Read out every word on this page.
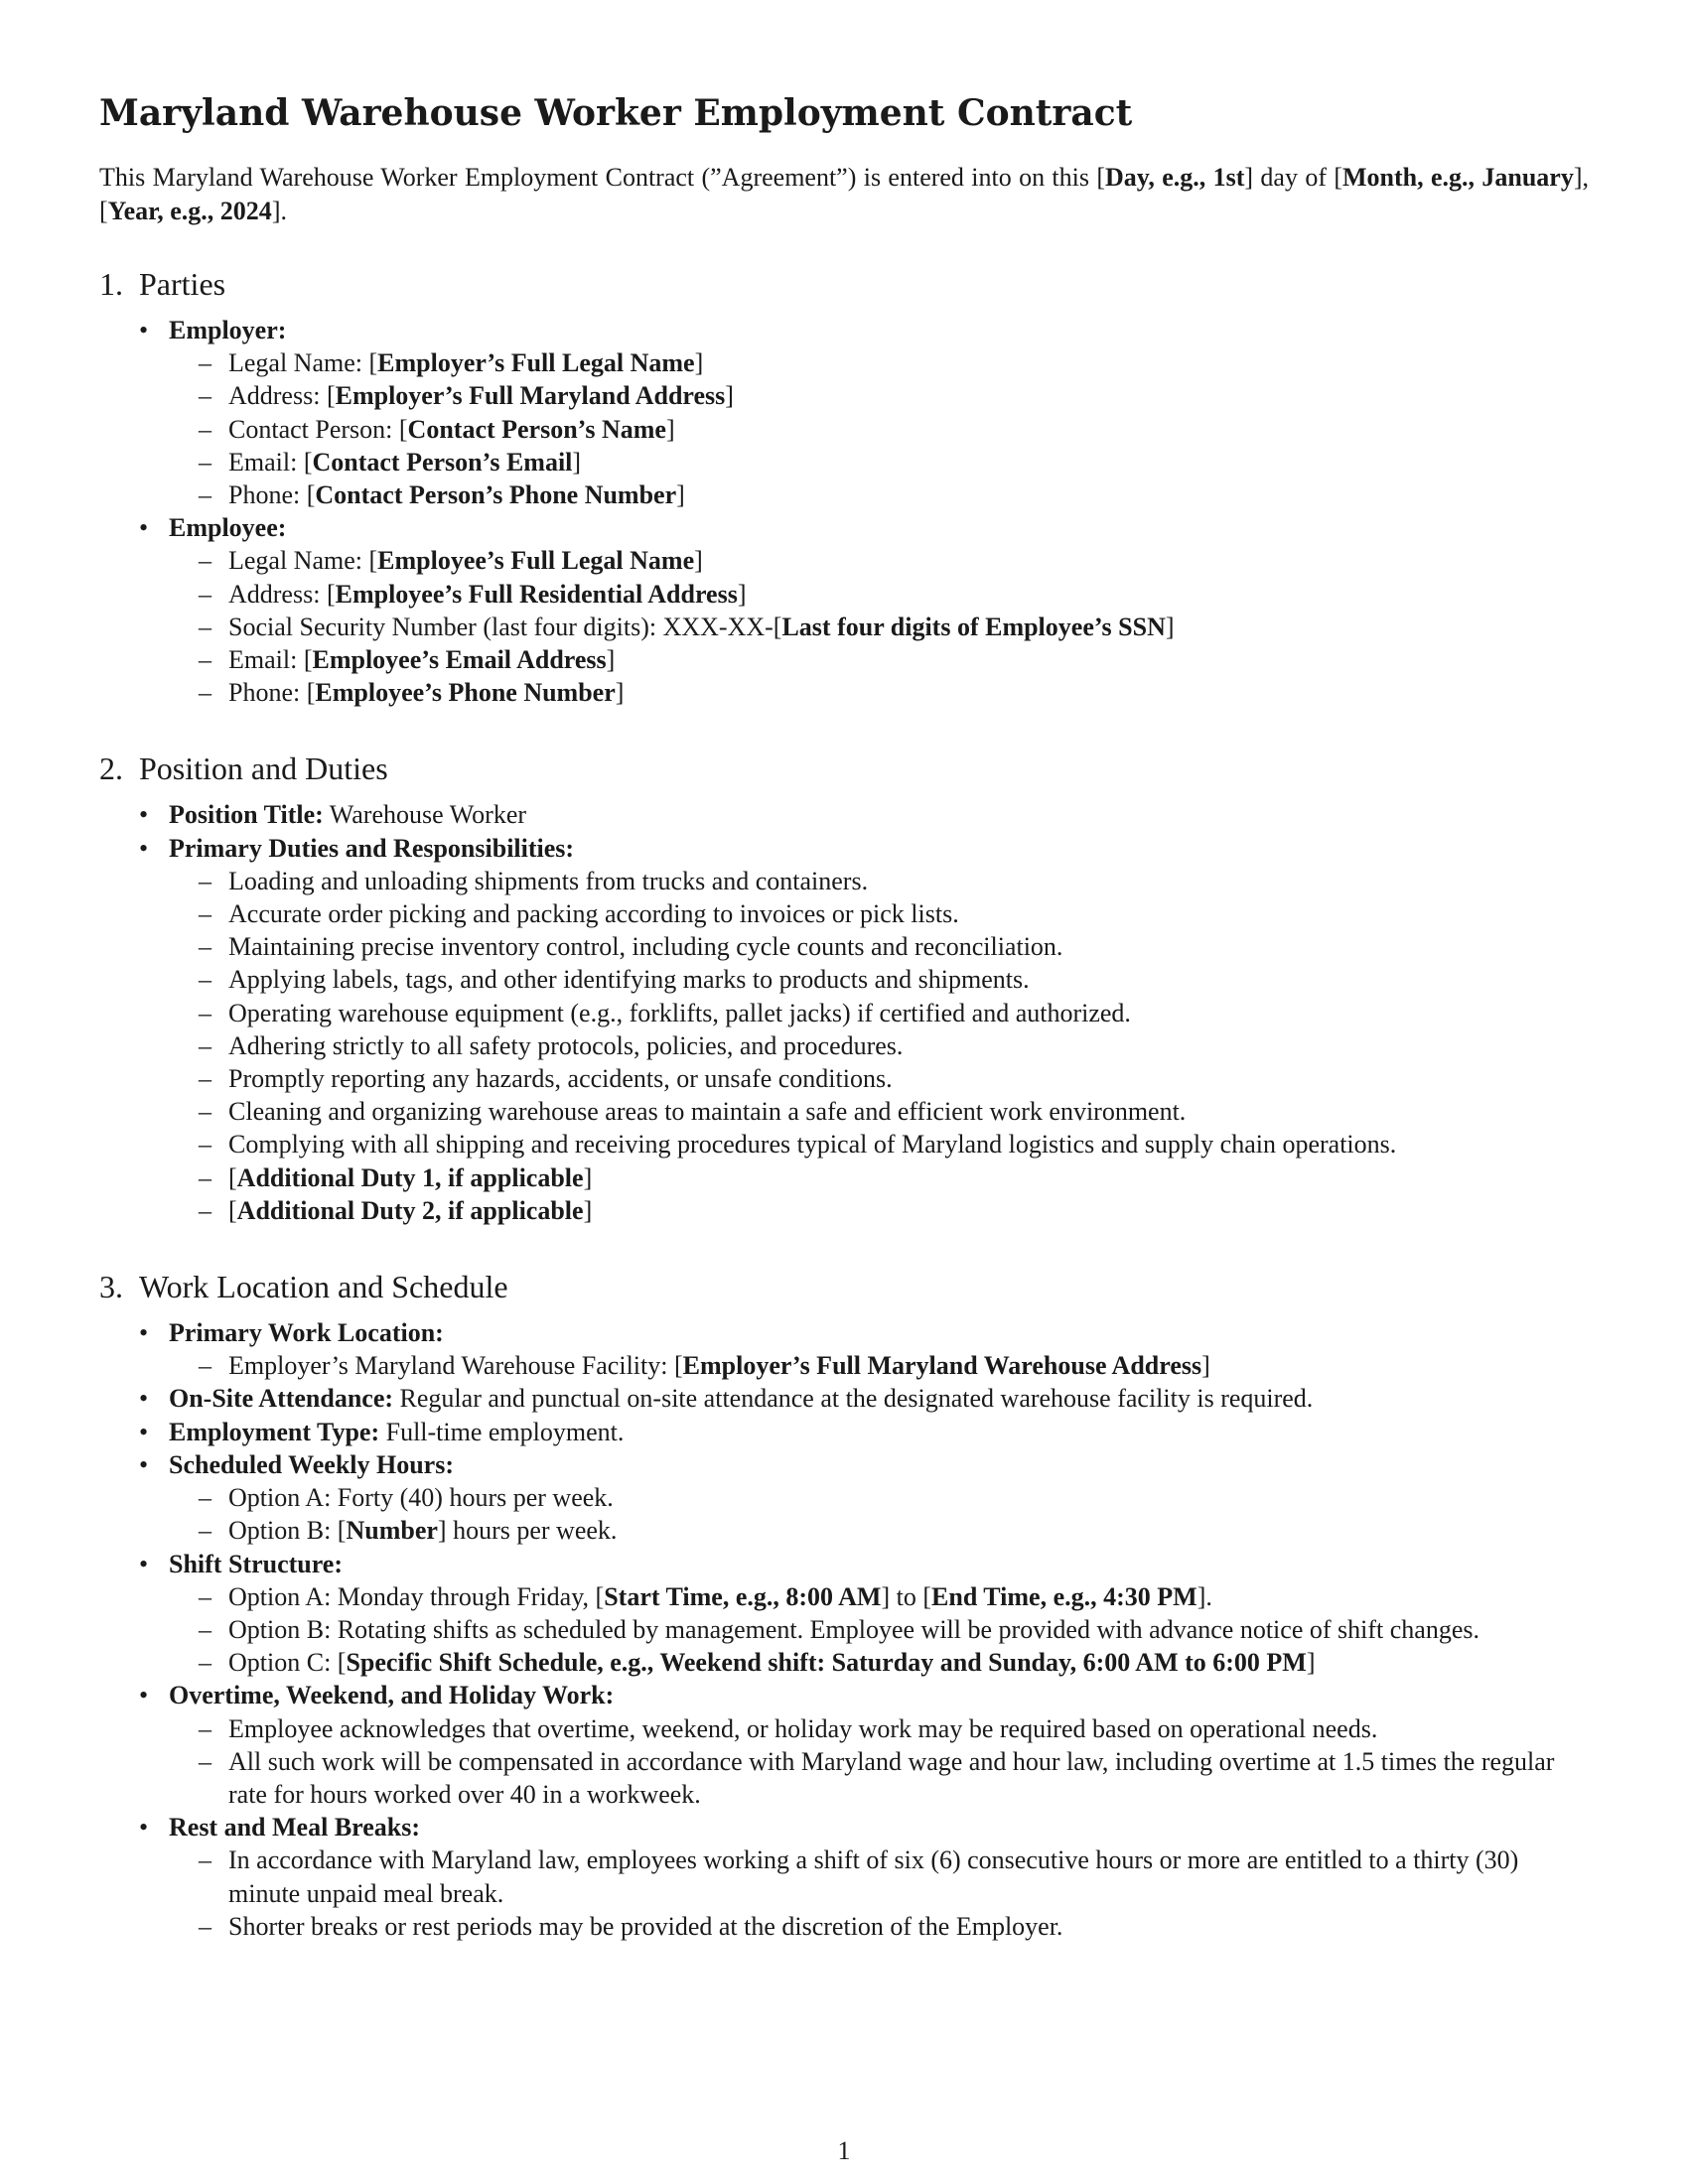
Maryland Warehouse Worker Employment Contract

This Maryland Warehouse Worker Employment Contract (”Agreement”) is entered into on this [Day, e.g., 1st] day of [Month, e.g., January], [Year, e.g., 2024].

1. Parties
• Employer:
– Legal Name: [Employer’s Full Legal Name]
– Address: [Employer’s Full Maryland Address]
– Contact Person: [Contact Person’s Name]
– Email: [Contact Person’s Email]
– Phone: [Contact Person’s Phone Number]
• Employee:
– Legal Name: [Employee’s Full Legal Name]
– Address: [Employee’s Full Residential Address]
– Social Security Number (last four digits): XXX-XX-[Last four digits of Employee’s SSN]
– Email: [Employee’s Email Address]
– Phone: [Employee’s Phone Number]
2. Position and Duties
• Position Title: Warehouse Worker
• Primary Duties and Responsibilities:
– Loading and unloading shipments from trucks and containers.
– Accurate order picking and packing according to invoices or pick lists.
– Maintaining precise inventory control, including cycle counts and reconciliation.
– Applying labels, tags, and other identifying marks to products and shipments.
– Operating warehouse equipment (e.g., forklifts, pallet jacks) if certified and authorized.
– Adhering strictly to all safety protocols, policies, and procedures.
– Promptly reporting any hazards, accidents, or unsafe conditions.
– Cleaning and organizing warehouse areas to maintain a safe and efficient work environment.
– Complying with all shipping and receiving procedures typical of Maryland logistics and supply chain operations.
– [Additional Duty 1, if applicable]
– [Additional Duty 2, if applicable]
3. Work Location and Schedule
• Primary Work Location:
– Employer’s Maryland Warehouse Facility: [Employer’s Full Maryland Warehouse Address]
• On-Site Attendance: Regular and punctual on-site attendance at the designated warehouse facility is required.
• Employment Type: Full-time employment.
• Scheduled Weekly Hours:
– Option A: Forty (40) hours per week.
– Option B: [Number] hours per week.
• Shift Structure:
– Option A: Monday through Friday, [Start Time, e.g., 8:00 AM] to [End Time, e.g., 4:30 PM].
– Option B: Rotating shifts as scheduled by management. Employee will be provided with advance notice of shift changes.
– Option C: [Specific Shift Schedule, e.g., Weekend shift: Saturday and Sunday, 6:00 AM to 6:00 PM]
• Overtime, Weekend, and Holiday Work:
– Employee acknowledges that overtime, weekend, or holiday work may be required based on operational needs.
– All such work will be compensated in accordance with Maryland wage and hour law, including overtime at 1.5 times the regular rate for hours worked over 40 in a workweek.
• Rest and Meal Breaks:
– In accordance with Maryland law, employees working a shift of six (6) consecutive hours or more are entitled to a thirty (30) minute unpaid meal break.
– Shorter breaks or rest periods may be provided at the discretion of the Employer.
1
